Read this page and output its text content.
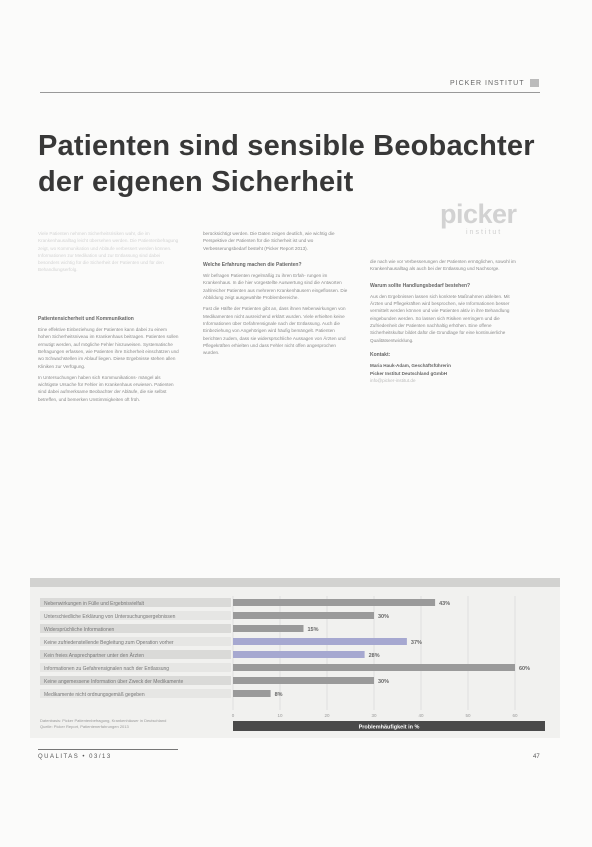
PICKER INSTITUT
Patienten sind sensible Beobachter
der eigenen Sicherheit
picker
institut

Viele Patienten nehmen Sicherheitsrisiken wahr, die im Krankenhausalltag leicht übersehen werden. Die Patientenbefragung zeigt, wo Kommunikation und Abläufe verbessert werden können. Informationen zur Medikation und zur Entlassung sind dabei besonders wichtig für die Sicherheit der Patienten und für den Behandlungserfolg.

Patientensicherheit und Kommunikation

Eine effektive Einbeziehung der Patienten kann dabei zu einem hohen Sicherheitsniveau im Krankenhaus beitragen. Patienten sollen ermutigt werden, auf mögliche Fehler hinzuweisen. Systematische Befragungen erfassen, wie Patienten ihre Sicherheit einschätzen und wo Schwachstellen im Ablauf liegen. Diese Ergebnisse stehen allen Kliniken zur Verfügung.

In Untersuchungen haben sich Kommunikations- mängel als wichtigste Ursache für Fehler im Krankenhaus erwiesen. Patienten sind dabei aufmerksame Beobachter der Abläufe, die sie selbst betreffen, und bemerken Unstimmigkeiten oft früh.

berücksichtigt werden. Die Daten zeigen deutlich, wie wichtig die Perspektive der Patienten für die Sicherheit ist und wo Verbesserungsbedarf besteht (Picker Report 2013).

Welche Erfahrung machen die Patienten?

Wir befragen Patienten regelmäßig zu ihren Erfah- rungen im Krankenhaus. In die hier vorgestellte Auswertung sind die Antworten zahlreicher Patienten aus mehreren Krankenhäusern eingeflossen. Die Abbildung zeigt ausgewählte Problembereiche.

Fast die Hälfte der Patienten gibt an, dass ihnen Nebenwirkungen von Medikamenten nicht ausreichend erklärt wurden. Viele erhielten keine Informationen über Gefahrensignale nach der Entlassung. Auch die Einbeziehung von Angehörigen wird häufig bemängelt. Patienten berichten zudem, dass sie widersprüchliche Aussagen von Ärzten und Pflegekräften erhielten und dass Fehler nicht offen angesprochen wurden.

die nach wie vor Verbesserungen der Patienten ermöglichen, sowohl im Krankenhausalltag als auch bei der Entlassung und Nachsorge.

Warum sollte Handlungsbedarf bestehen?

Aus den Ergebnissen lassen sich konkrete Maßnahmen ableiten. Mit Ärzten und Pflegekräften wird besprochen, wie Informationen besser vermittelt werden können und wie Patienten aktiv in ihre Behandlung eingebunden werden. So lassen sich Risiken verringern und die Zufriedenheit der Patienten nachhaltig erhöhen. Eine offene Sicherheitskultur bildet dafür die Grundlage für eine kontinuierliche Qualitätsentwicklung.

Kontakt:

Maria Hauk-Adam, Geschäftsführerin
Picker Institut Deutschland gGmbH
info@picker-institut.de

Nebenwirkungen in Fülle und Ergebnisvielfalt	43%
Unterschiedliche Erklärung von Untersuchungsergebnissen	30%
Widersprüchliche Informationen	15%
Keine zufriedenstellende Begleitung zum Operation vorher	37%
Kein freies Ansprechpartner unter den Ärzten	28%
Informationen zu Gefahrensignalen nach der Entlassung	60%
Keine angemessene Information über Zweck der Medikamente	30%
Medikamente nicht ordnungsgemäß gegeben	8%
0	10	20	30	40	50	60
Problemhäufigkeit in %
Datenbasis: Picker Patientenbefragung, Krankenhäuser in Deutschland
Quelle: Picker Report, Patientenerfahrungen 2013
QUALITAS • 03/13	47
